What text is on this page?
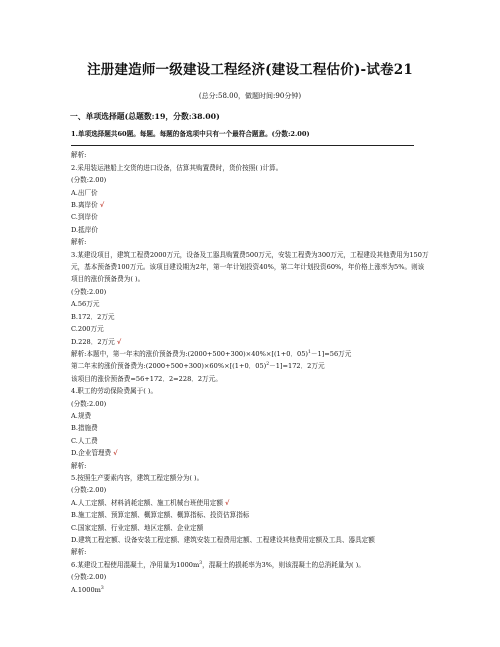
注册建造师一级建设工程经济(建设工程估价)-试卷21
(总分:58.00，做题时间:90分钟)
一、单项选择题(总题数:19，分数:38.00)
1.单项选择题共60题。每题。每题的备选项中只有一个最符合题意。(分数:2.00)
解析:
2.采用装运港船上交货的进口设备，估算其购置费时，货价按照( )计算。
(分数:2.00)
A.出厂价
B.离岸价 √
C.到岸价
D.抵岸价
解析:
3.某建设项目，建筑工程费2000万元，设备及工器具购置费500万元，安装工程费为300万元，工程建设其他费用为150万元，基本预备费100万元。该项目建设期为2年，第一年计划投资40%，第二年计划投资60%，年价格上涨率为5%。则该项目的涨价预备费为( )。
(分数:2.00)
A.56万元
B.172．2万元
C.200万元
D.228．2万元 √
解析:本题中，第一年末的涨价预备费为:(2000+500+300)×40%×[(1+0．05)$^1$－1]=56万元
第二年末的涨价预备费为:(2000+500+300)×60%×[(1+0．05)$^2$－1]=172．2万元
该项目的涨价预备费=56+172．2=228．2万元。
4.职工的劳动保险费属于( )。
(分数:2.00)
A.规费
B.措施费
C.人工费
D.企业管理费 √
解析:
5.按照生产要素内容，建筑工程定额分为( )。
(分数:2.00)
A.人工定额、材料消耗定额、施工机械台班使用定额 √
B.施工定额、预算定额、概算定额、概算指标、投资估算指标
C.国家定额、行业定额、地区定额、企业定额
D.建筑工程定额、设备安装工程定额、建筑安装工程费用定额、工程建设其他费用定额及工具、器具定额
解析:
6.某建设工程使用混凝土，净用量为$1000m^3$，混凝土的损耗率为3%，则该混凝土的总消耗量为( )。
(分数:2.00)
$A.1000m^3$
